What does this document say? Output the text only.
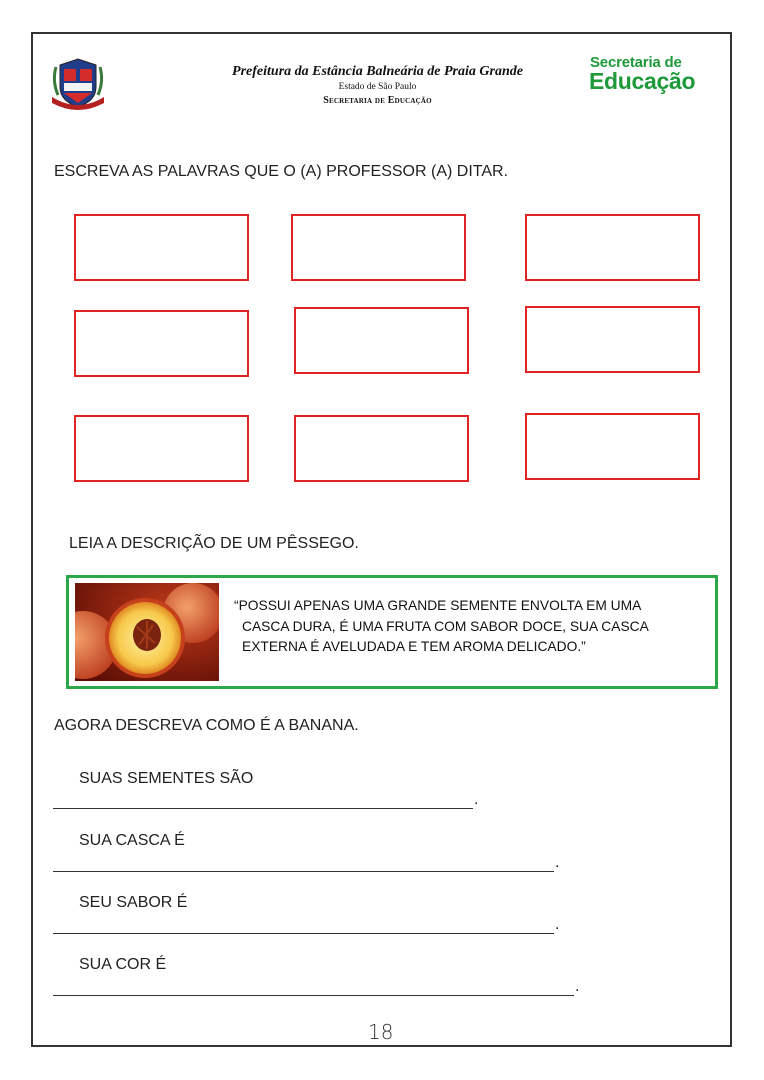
Prefeitura da Estância Balneária de Praia Grande
Estado de São Paulo
Secretaria de Educação
Secretaria de
Educação
ESCREVA AS PALAVRAS QUE O (A) PROFESSOR (A) DITAR.
LEIA A DESCRIÇÃO DE UM PÊSSEGO.
“POSSUI APENAS UMA GRANDE SEMENTE ENVOLTA EM UMA
CASCA DURA, É UMA FRUTA COM SABOR DOCE, SUA CASCA
EXTERNA É AVELUDADA E TEM AROMA DELICADO.”
AGORA DESCREVA COMO É A BANANA.
SUAS SEMENTES SÃO
.
SUA CASCA É
.
SEU SABOR É
.
SUA COR É
.
18
